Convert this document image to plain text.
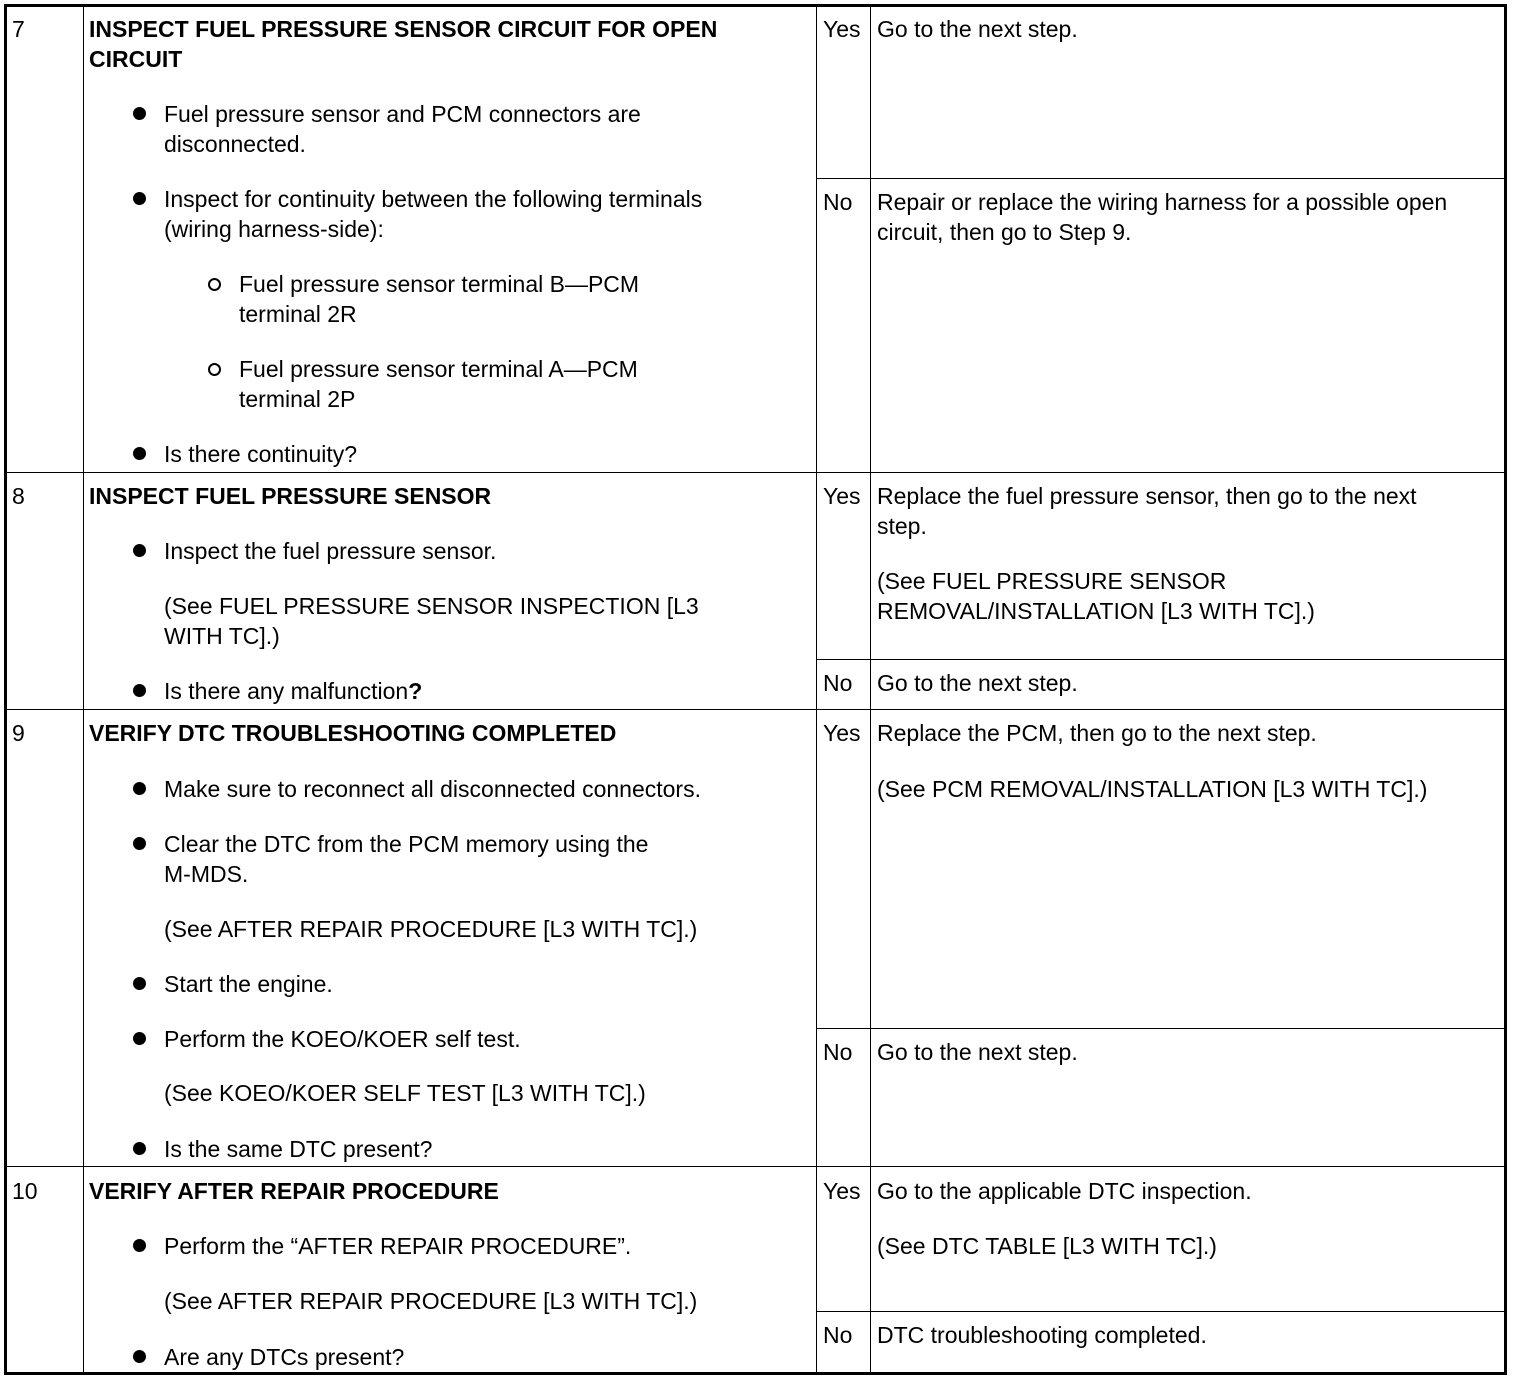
7	INSPECT FUEL PRESSURE SENSOR CIRCUIT FOR OPEN
CIRCUIT
Fuel pressure sensor and PCM connectors are
disconnected.
Inspect for continuity between the following terminals
(wiring harness-side):
Fuel pressure sensor terminal B—PCM
terminal 2R
Fuel pressure sensor terminal A—PCM
terminal 2P
Is there continuity?
Yes Go to the next step.
No Repair or replace the wiring harness for a possible open
circuit, then go to Step 9.
8	INSPECT FUEL PRESSURE SENSOR
Inspect the fuel pressure sensor.
(See FUEL PRESSURE SENSOR INSPECTION [L3
WITH TC].)
Is there any malfunction?
Yes Replace the fuel pressure sensor, then go to the next
step.
(See FUEL PRESSURE SENSOR
REMOVAL/INSTALLATION [L3 WITH TC].)
No Go to the next step.
9	VERIFY DTC TROUBLESHOOTING COMPLETED
Make sure to reconnect all disconnected connectors.
Clear the DTC from the PCM memory using the
M-MDS.
(See AFTER REPAIR PROCEDURE [L3 WITH TC].)
Start the engine.
Perform the KOEO/KOER self test.
(See KOEO/KOER SELF TEST [L3 WITH TC].)
Is the same DTC present?
Yes Replace the PCM, then go to the next step.
(See PCM REMOVAL/INSTALLATION [L3 WITH TC].)
No Go to the next step.
10 VERIFY AFTER REPAIR PROCEDURE
Perform the “AFTER REPAIR PROCEDURE”.
(See AFTER REPAIR PROCEDURE [L3 WITH TC].)
Are any DTCs present?
Yes Go to the applicable DTC inspection.
(See DTC TABLE [L3 WITH TC].)
No DTC troubleshooting completed.
